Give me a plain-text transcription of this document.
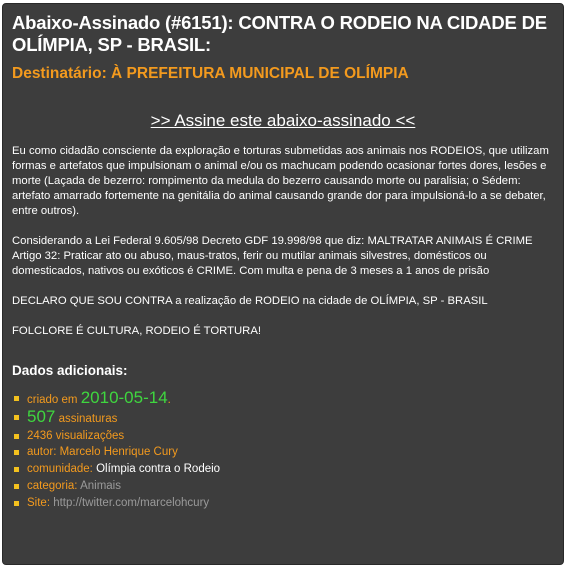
Abaixo-Assinado (#6151): CONTRA O RODEIO NA CIDADE DE OLÍMPIA, SP - BRASIL:
Destinatário: À PREFEITURA MUNICIPAL DE OLÍMPIA
>> Assine este abaixo-assinado <<

Eu como cidadão consciente da exploração e torturas submetidas aos animais nos RODEIOS, que utilizam formas e artefatos que impulsionam o animal e/ou os machucam podendo ocasionar fortes dores, lesões e morte (Laçada de bezerro: rompimento da medula do bezerro causando morte ou paralisia; o Sédem: artefato amarrado fortemente na genitália do animal causando grande dor para impulsioná-lo a se debater, entre outros).

Considerando a Lei Federal 9.605/98 Decreto GDF 19.998/98 que diz: MALTRATAR ANIMAIS É CRIME

Artigo 32: Praticar ato ou abuso, maus-tratos, ferir ou mutilar animais silvestres, domésticos ou domesticados, nativos ou exóticos é CRIME. Com multa e pena de 3 meses a 1 anos de prisão

DECLARO QUE SOU CONTRA a realização de RODEIO na cidade de OLÍMPIA, SP - BRASIL

FOLCLORE É CULTURA, RODEIO É TORTURA!

Dados adicionais:
criado em 2010-05-14.
507 assinaturas
2436 visualizações
autor: Marcelo Henrique Cury
comunidade: Olímpia contra o Rodeio
categoria: Animais
Site: http://twitter.com/marcelohcury
